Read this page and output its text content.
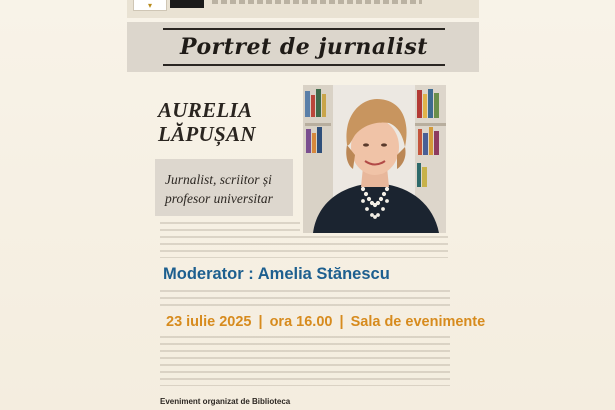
▾
Portret de jurnalist
AURELIA
LĂPUȘAN
Jurnalist, scriitor și
profesor universitar
Moderator : Amelia Stănescu
23 iulie 2025 | ora 16.00 | Sala de evenimente
Eveniment organizat de Biblioteca
